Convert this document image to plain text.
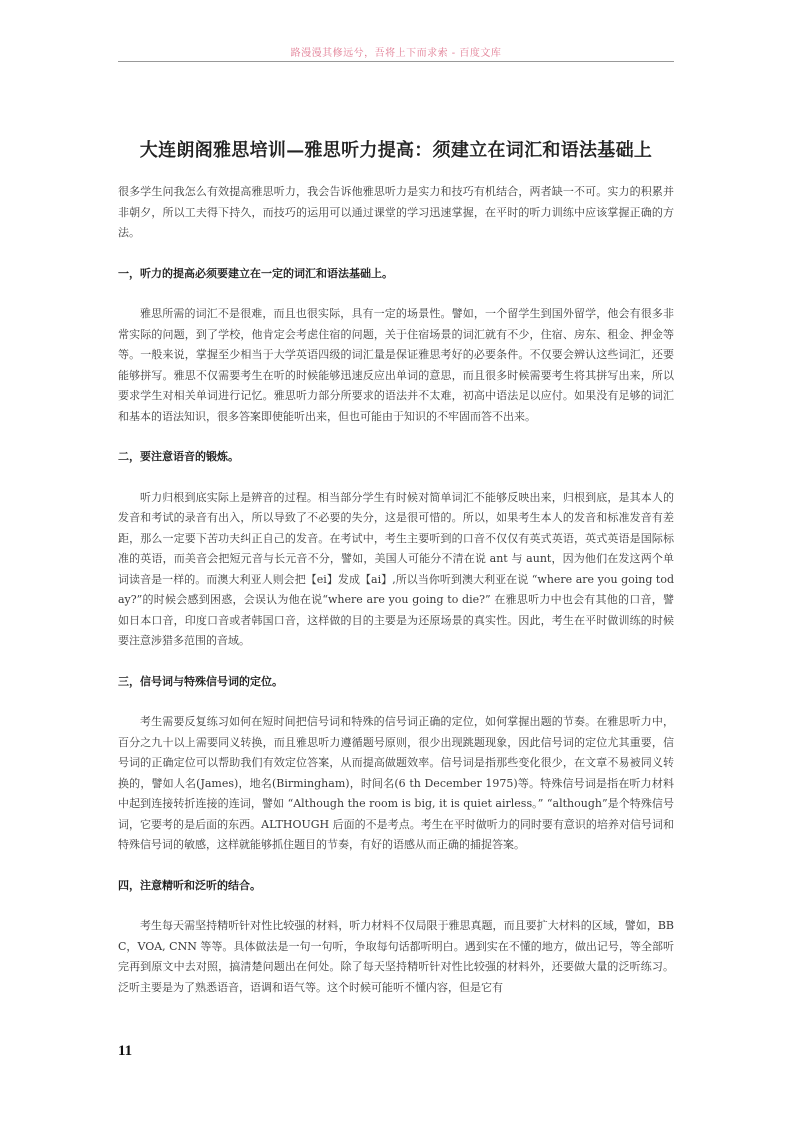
路漫漫其修远兮，吾将上下而求索 - 百度文库
大连朗阁雅思培训—雅思听力提高：须建立在词汇和语法基础上

很多学生问我怎么有效提高雅思听力，我会告诉他雅思听力是实力和技巧有机结合，两者缺一不可。实力的积累并非朝夕，所以工夫得下持久，而技巧的运用可以通过课堂的学习迅速掌握，在平时的听力训练中应该掌握正确的方法。

一，听力的提高必须要建立在一定的词汇和语法基础上。

雅思所需的词汇不是很难，而且也很实际，具有一定的场景性。譬如，一个留学生到国外留学，他会有很多非常实际的问题，到了学校，他肯定会考虑住宿的问题，关于住宿场景的词汇就有不少，住宿、房东、租金、押金等等。一般来说，掌握至少相当于大学英语四级的词汇量是保证雅思考好的必要条件。不仅要会辨认这些词汇，还要能够拼写。雅思不仅需要考生在听的时候能够迅速反应出单词的意思，而且很多时候需要考生将其拼写出来，所以要求学生对相关单词进行记忆。雅思听力部分所要求的语法并不太难，初高中语法足以应付。如果没有足够的词汇和基本的语法知识，很多答案即使能听出来，但也可能由于知识的不牢固而答不出来。

二，要注意语音的锻炼。

听力归根到底实际上是辨音的过程。相当部分学生有时候对简单词汇不能够反映出来，归根到底，是其本人的发音和考试的录音有出入，所以导致了不必要的失分，这是很可惜的。所以，如果考生本人的发音和标准发音有差距，那么一定要下苦功夫纠正自己的发音。在考试中，考生主要听到的口音不仅仅有英式英语，英式英语是国际标准的英语，而美音会把短元音与长元音不分，譬如，美国人可能分不清在说 ant 与 aunt，因为他们在发这两个单词读音是一样的。而澳大利亚人则会把【ei】发成【ai】,所以当你听到澳大利亚在说 “where are you going today?”的时候会感到困惑，会误认为他在说“where are you going to die?” 在雅思听力中也会有其他的口音，譬如日本口音，印度口音或者韩国口音，这样做的目的主要是为还原场景的真实性。因此，考生在平时做训练的时候要注意涉猎多范围的音域。

三，信号词与特殊信号词的定位。

考生需要反复练习如何在短时间把信号词和特殊的信号词正确的定位，如何掌握出题的节奏。在雅思听力中，百分之九十以上需要同义转换，而且雅思听力遵循题号原则，很少出现跳题现象，因此信号词的定位尤其重要，信号词的正确定位可以帮助我们有效定位答案，从而提高做题效率。信号词是指那些变化很少，在文章不易被同义转换的，譬如人名(James)，地名(Birmingham)，时间名(6 th December 1975)等。特殊信号词是指在听力材料中起到连接转折连接的连词，譬如 “Although the room is big, it is quiet airless。” “although”是个特殊信号词，它要考的是后面的东西。ALTHOUGH 后面的不是考点。考生在平时做听力的同时要有意识的培养对信号词和特殊信号词的敏感，这样就能够抓住题目的节奏，有好的语感从而正确的捕捉答案。

四，注意精听和泛听的结合。

考生每天需坚持精听针对性比较强的材料，听力材料不仅局限于雅思真题，而且要扩大材料的区域，譬如，BBC，VOA, CNN 等等。具体做法是一句一句听，争取每句话都听明白。遇到实在不懂的地方，做出记号，等全部听完再到原文中去对照，搞清楚问题出在何处。除了每天坚持精听针对性比较强的材料外，还要做大量的泛听练习。泛听主要是为了熟悉语音，语调和语气等。这个时候可能听不懂内容，但是它有

11
